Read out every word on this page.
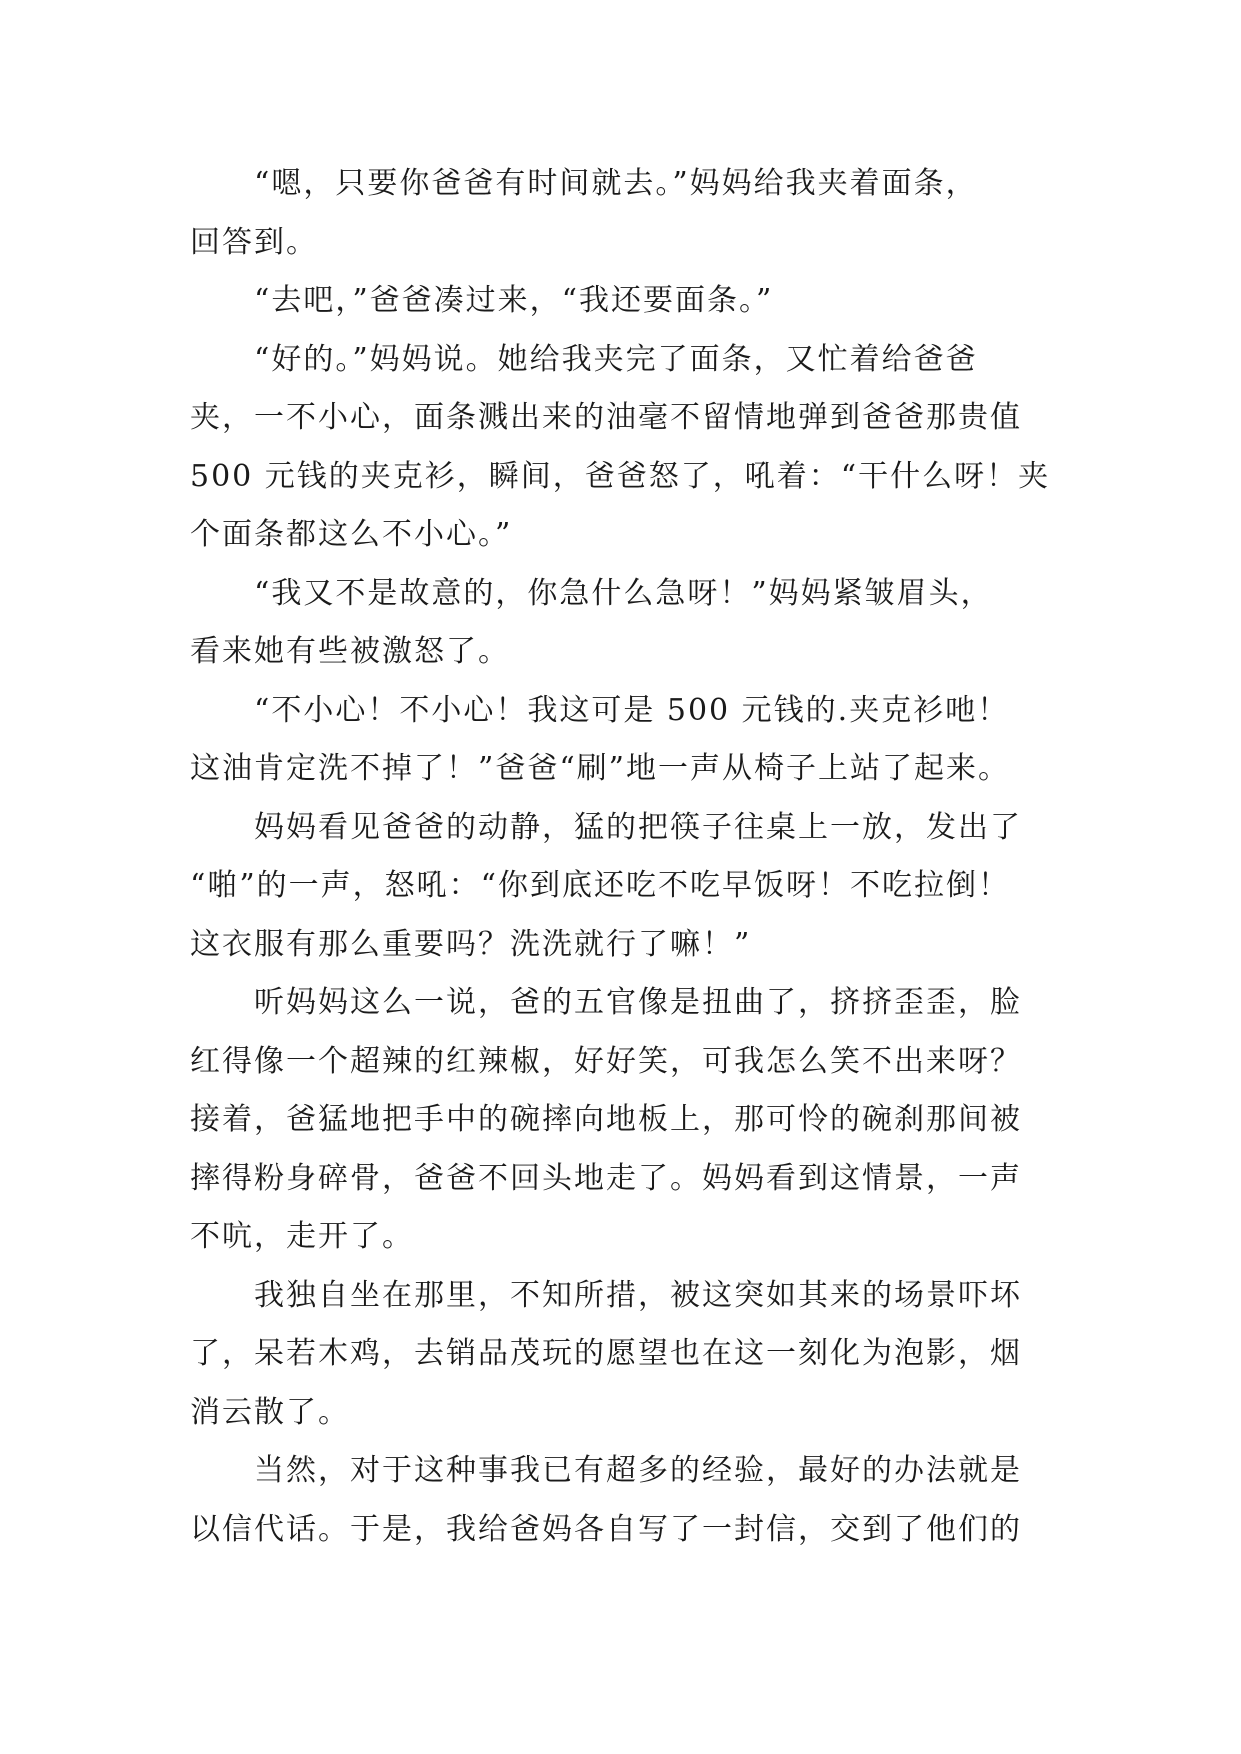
“嗯，只要你爸爸有时间就去。”妈妈给我夹着面条，
回答到。
“去吧，”爸爸凑过来，“我还要面条。”
“好的。”妈妈说。她给我夹完了面条，又忙着给爸爸
夹，一不小心，面条溅出来的油毫不留情地弹到爸爸那贵值
500 元钱的夹克衫，瞬间，爸爸怒了，吼着：“干什么呀！夹
个面条都这么不小心。”
“我又不是故意的，你急什么急呀！”妈妈紧皱眉头，
看来她有些被激怒了。
“不小心！不小心！我这可是 500 元钱的.夹克衫吔！
这油肯定洗不掉了！”爸爸“刷”地一声从椅子上站了起来。
妈妈看见爸爸的动静，猛的把筷子往桌上一放，发出了
“啪”的一声，怒吼：“你到底还吃不吃早饭呀！不吃拉倒！
这衣服有那么重要吗？洗洗就行了嘛！”
听妈妈这么一说，爸的五官像是扭曲了，挤挤歪歪，脸
红得像一个超辣的红辣椒，好好笑，可我怎么笑不出来呀？
接着，爸猛地把手中的碗摔向地板上，那可怜的碗刹那间被
摔得粉身碎骨，爸爸不回头地走了。妈妈看到这情景，一声
不吭，走开了。
我独自坐在那里，不知所措，被这突如其来的场景吓坏
了，呆若木鸡，去销品茂玩的愿望也在这一刻化为泡影，烟
消云散了。
当然，对于这种事我已有超多的经验，最好的办法就是
以信代话。于是，我给爸妈各自写了一封信，交到了他们的
